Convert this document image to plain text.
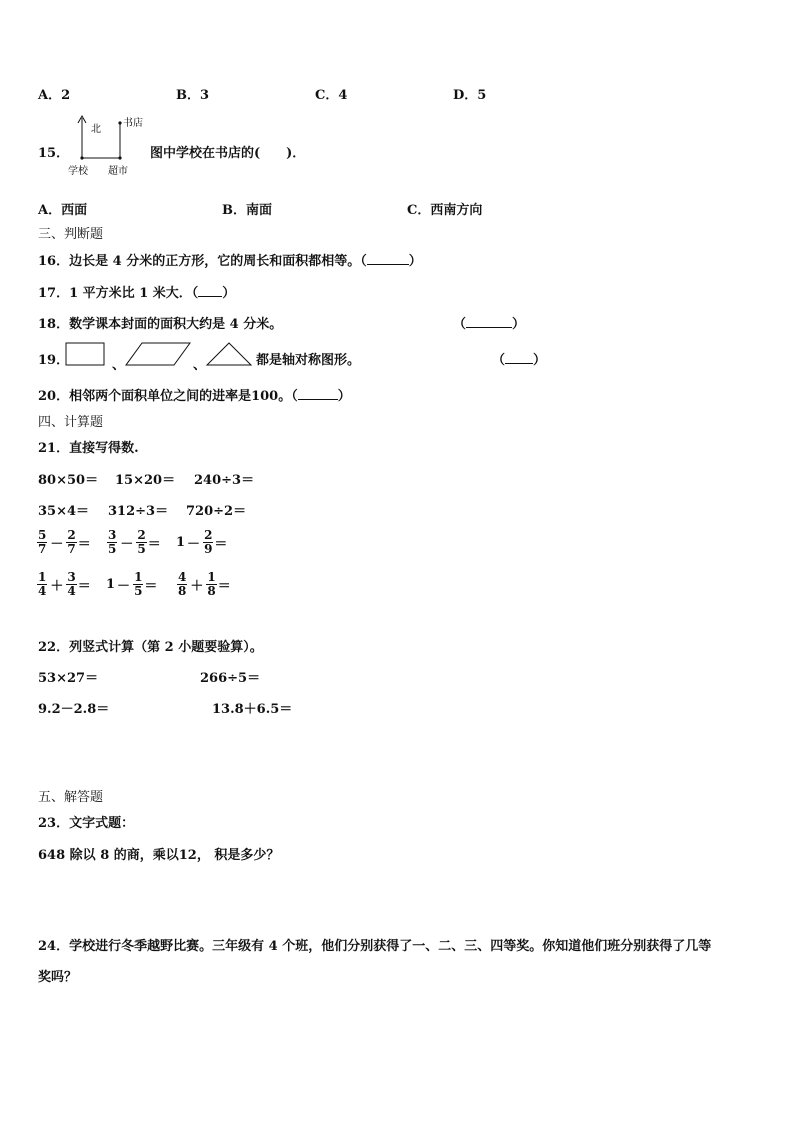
A．2	B．3	C．4	D．5
15．
北
书店
学校 超市
图中学校在书店的(　　)．
A．西面	B．南面	C．西南方向
三、判断题
16．边长是 4 分米的正方形，它的周长和面积都相等。（	）
17．1 平方米比 1 米大．（ ）
18．数学课本封面的面积大约是 4 分米。	（	）
19．	、	、	都是轴对称图形。	（ ）
20．相邻两个面积单位之间的进率是100。（	）
四、计算题
21．直接写得数.
80×50＝ 15×20＝ 240÷3＝
35×4＝ 312÷3＝ 720÷2＝
$\frac{5}{7} - \frac{2}{7} = \frac{3}{5} - \frac{2}{5} = 1 - \frac{2}{9}$ ＝
$\frac{1}{4} + \frac{3}{4} = 1 - \frac{1}{5} = \frac{4}{8} + \frac{1}{8}$ ＝
22．列竖式计算（第 2 小题要验算）。
53×27＝	266÷5＝
9.2－2.8＝	13.8＋6.5＝
五、解答题
23．文字式题：
648 除以 8 的商，乘以12， 积是多少？
24．学校进行冬季越野比赛。三年级有 4 个班，他们分别获得了一、二、三、四等奖。你知道他们班分别获得了几等
奖吗？
